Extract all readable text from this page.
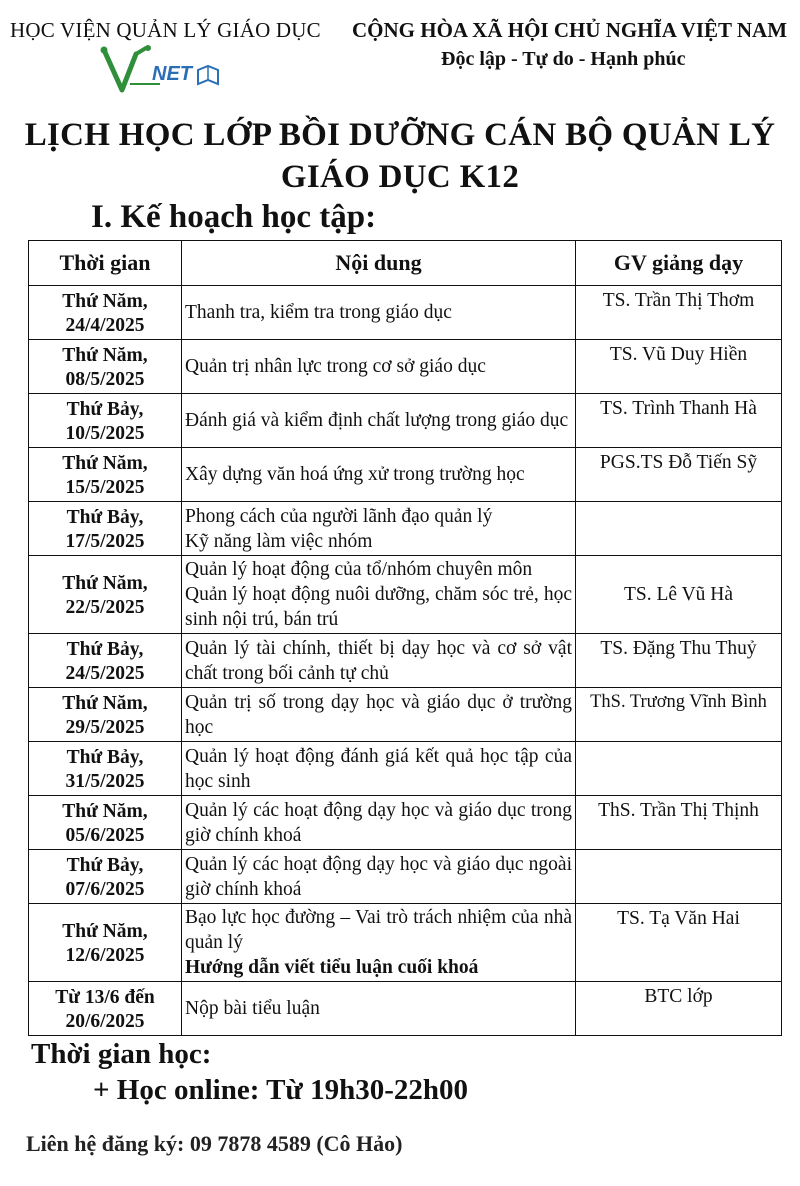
HỌC VIỆN QUẢN LÝ GIÁO DỤC
NET
CỘNG HÒA XÃ HỘI CHỦ NGHĨA VIỆT NAM
Độc lập - Tự do - Hạnh phúc
LỊCH HỌC LỚP BỒI DƯỠNG CÁN BỘ QUẢN LÝ GIÁO DỤC K12
I. Kế hoạch học tập:
Thời gian	Nội dung	GV giảng dạy

Thứ Năm,
24/4/2025	Thanh tra, kiểm tra trong giáo dục	TS. Trần Thị Thơm

Thứ Năm,
08/5/2025	Quản trị nhân lực trong cơ sở giáo dục	TS. Vũ Duy Hiền

Thứ Bảy,
10/5/2025	Đánh giá và kiểm định chất lượng trong giáo dục	TS. Trình Thanh Hà

Thứ Năm,
15/5/2025	Xây dựng văn hoá ứng xử trong trường học	PGS.TS Đỗ Tiến Sỹ

Thứ Bảy,
17/5/2025	Phong cách của người lãnh đạo quản lý
Kỹ năng làm việc nhóm	

Thứ Năm,
22/5/2025	Quản lý hoạt động của tổ/nhóm chuyên môn
Quản lý hoạt động nuôi dưỡng, chăm sóc trẻ, học sinh nội trú, bán trú	TS. Lê Vũ Hà

Thứ Bảy,
24/5/2025	Quản lý tài chính, thiết bị dạy học và cơ sở vật chất trong bối cảnh tự chủ	TS. Đặng Thu Thuỷ

Thứ Năm,
29/5/2025	Quản trị số trong dạy học và giáo dục ở trường học	ThS. Trương Vĩnh Bình

Thứ Bảy,
31/5/2025	Quản lý hoạt động đánh giá kết quả học tập của học sinh	

Thứ Năm,
05/6/2025	Quản lý các hoạt động dạy học và giáo dục trong giờ chính khoá	ThS. Trần Thị Thịnh

Thứ Bảy,
07/6/2025	Quản lý các hoạt động dạy học và giáo dục ngoài giờ chính khoá	

Thứ Năm,
12/6/2025	Bạo lực học đường – Vai trò trách nhiệm của nhà quản lý
Hướng dẫn viết tiểu luận cuối khoá	TS. Tạ Văn Hai

Từ 13/6 đến
20/6/2025	Nộp bài tiểu luận	BTC lớp
Thời gian học:
+ Học online: Từ 19h30-22h00
Liên hệ đăng ký: 09 7878 4589 (Cô Hảo)
